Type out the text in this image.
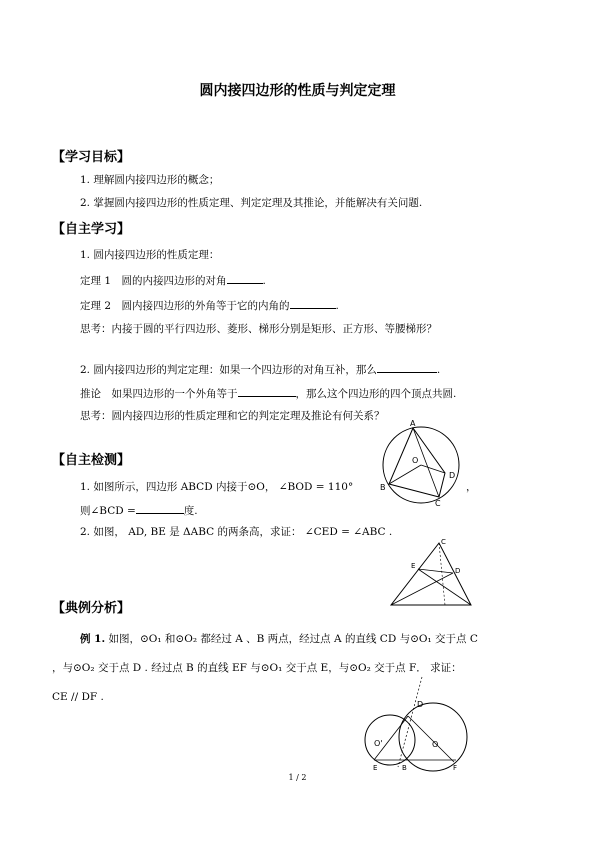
圆内接四边形的性质与判定定理
【学习目标】
1. 理解圆内接四边形的概念；
2. 掌握圆内接四边形的性质定理、判定定理及其推论，并能解决有关问题.
【自主学习】
1. 圆内接四边形的性质定理：
定理 1　圆的内接四边形的对角	.
定理 2　圆内接四边形的外角等于它的内角的	.
思考：内接于圆的平行四边形、菱形、梯形分别是矩形、正方形、等腰梯形？
2. 圆内接四边形的判定定理：如果一个四边形的对角互补，那么	.
推论　如果四边形的一个外角等于	，那么这个四边形的四个顶点共圆.
思考：圆内接四边形的性质定理和它的判定定理及推论有何关系？
【自主检测】
1. 如图所示，四边形 ABCD 内接于⊙O， ∠BOD = 110°	，
则∠BCD =	度.
2. 如图， AD, BE 是 ΔABC 的两条高，求证： ∠CED = ∠ABC .
【典例分析】
例 1. 如图，⊙O₁ 和⊙O₂ 都经过 A 、B 两点，经过点 A 的直线 CD 与⊙O₁ 交于点 C
，与⊙O₂ 交于点 D . 经过点 B 的直线 EF 与⊙O₁ 交于点 E，与⊙O₂ 交于点 F． 求证：
CE // DF .
A
O
B
C
D
C
E
D
D
O'	O
E	B	F
1 / 2
